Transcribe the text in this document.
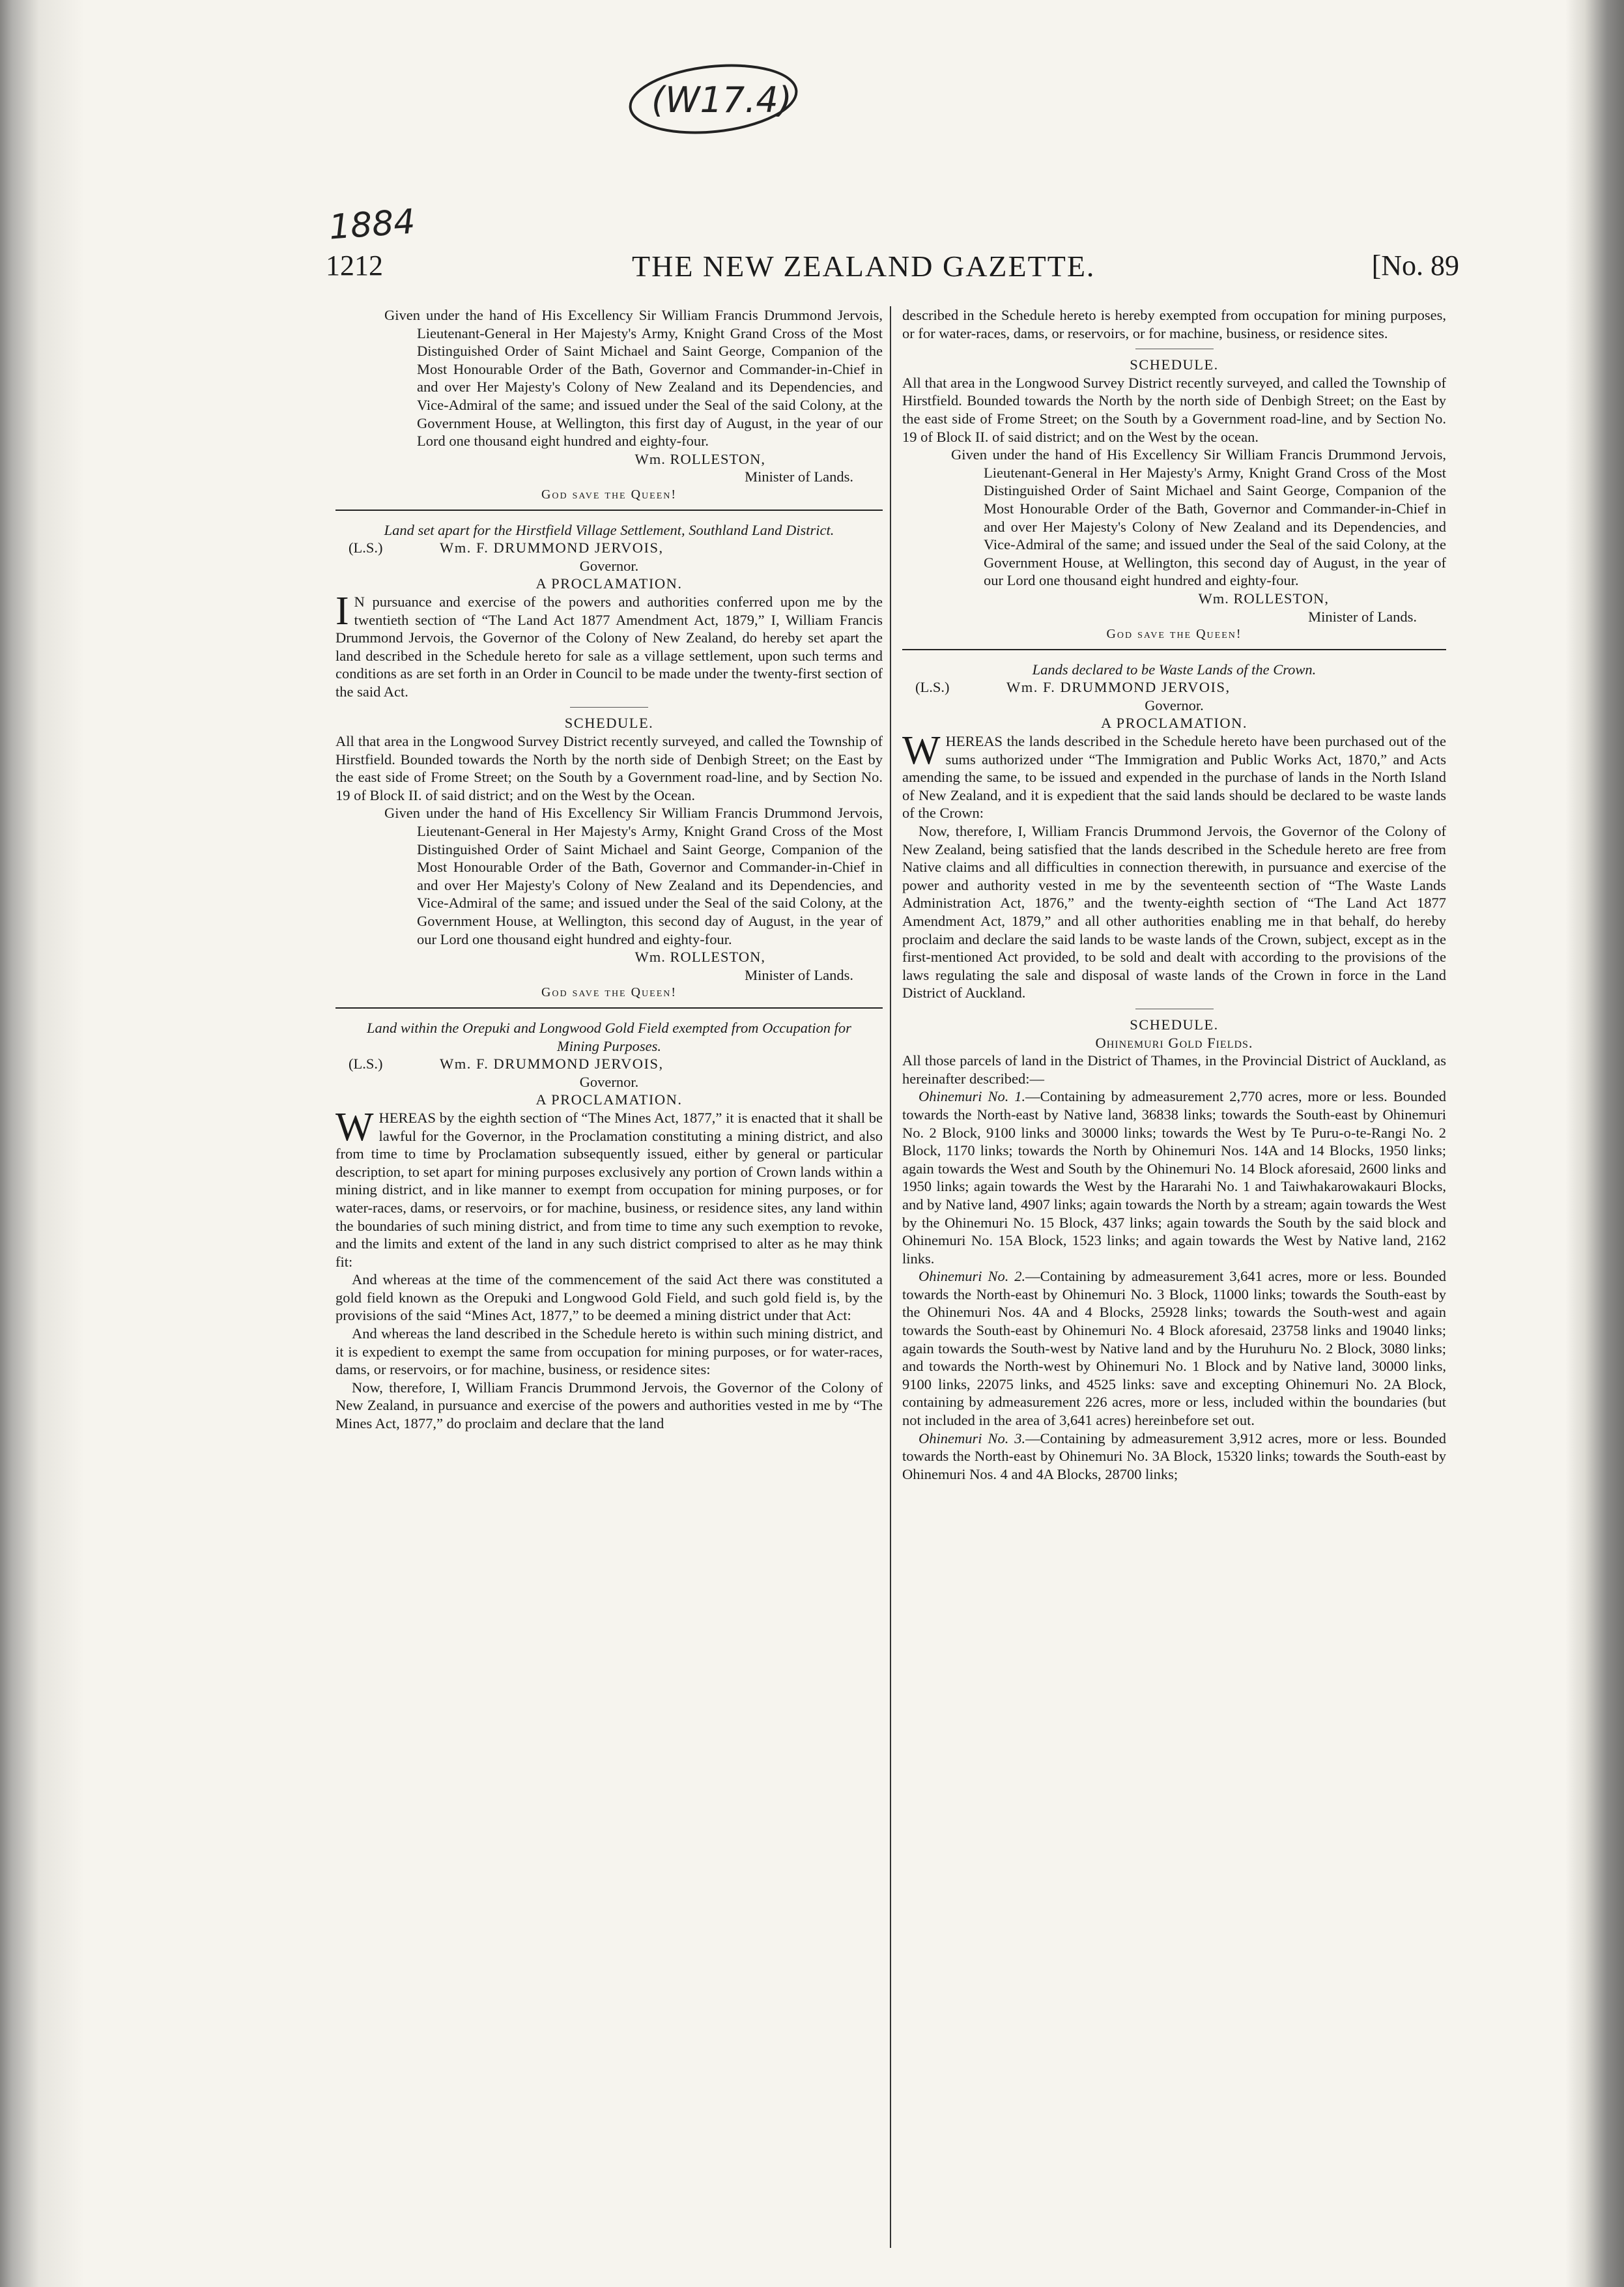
(W17.4)
1884
1212	THE NEW ZEALAND GAZETTE.	[No. 89

Given under the hand of His Excellency Sir William Francis Drummond Jervois, Lieutenant-General in Her Majesty's Army, Knight Grand Cross of the Most Distinguished Order of Saint Michael and Saint George, Companion of the Most Honourable Order of the Bath, Governor and Commander-in-Chief in and over Her Majesty's Colony of New Zealand and its Dependencies, and Vice-Admiral of the same; and issued under the Seal of the said Colony, at the Government House, at Wellington, this first day of August, in the year of our Lord one thousand eight hundred and eighty-four.

Wm. ROLLESTON,

Minister of Lands.

God save the Queen!

Land set apart for the Hirstfield Village Settlement, Southland Land District.

(L.S.)	Wm. F. DRUMMOND JERVOIS,

Governor.

A PROCLAMATION.

I N pursuance and exercise of the powers and authorities conferred upon me by the twentieth section of “The Land Act 1877 Amendment Act, 1879,” I, William Francis Drummond Jervois, the Governor of the Colony of New Zealand, do hereby set apart the land described in the Schedule hereto for sale as a village settlement, upon such terms and conditions as are set forth in an Order in Council to be made under the twenty-first section of the said Act.

SCHEDULE.

All that area in the Longwood Survey District recently surveyed, and called the Township of Hirstfield. Bounded towards the North by the north side of Denbigh Street; on the East by the east side of Frome Street; on the South by a Government road-line, and by Section No. 19 of Block II. of said district; and on the West by the Ocean.

Given under the hand of His Excellency Sir William Francis Drummond Jervois, Lieutenant-General in Her Majesty's Army, Knight Grand Cross of the Most Distinguished Order of Saint Michael and Saint George, Companion of the Most Honourable Order of the Bath, Governor and Commander-in-Chief in and over Her Majesty's Colony of New Zealand and its Dependencies, and Vice-Admiral of the same; and issued under the Seal of the said Colony, at the Government House, at Wellington, this second day of August, in the year of our Lord one thousand eight hundred and eighty-four.

Wm. ROLLESTON,

Minister of Lands.

God save the Queen!

Land within the Orepuki and Longwood Gold Field exempted from Occupation for Mining Purposes.

(L.S.)	Wm. F. DRUMMOND JERVOIS,

Governor.

A PROCLAMATION.

WHEREAS by the eighth section of “The Mines Act, 1877,” it is enacted that it shall be lawful for the Governor, in the Proclamation constituting a mining district, and also from time to time by Proclamation subsequently issued, either by general or particular description, to set apart for mining purposes exclusively any portion of Crown lands within a mining district, and in like manner to exempt from occupation for mining purposes, or for water-races, dams, or reservoirs, or for machine, business, or residence sites, any land within the boundaries of such mining district, and from time to time any such exemption to revoke, and the limits and extent of the land in any such district comprised to alter as he may think fit:

And whereas at the time of the commencement of the said Act there was constituted a gold field known as the Orepuki and Longwood Gold Field, and such gold field is, by the provisions of the said “Mines Act, 1877,” to be deemed a mining district under that Act:

And whereas the land described in the Schedule hereto is within such mining district, and it is expedient to exempt the same from occupation for mining purposes, or for water-races, dams, or reservoirs, or for machine, business, or residence sites:

Now, therefore, I, William Francis Drummond Jervois, the Governor of the Colony of New Zealand, in pursuance and exercise of the powers and authorities vested in me by “The Mines Act, 1877,” do proclaim and declare that the land

described in the Schedule hereto is hereby exempted from occupation for mining purposes, or for water-races, dams, or reservoirs, or for machine, business, or residence sites.

SCHEDULE.

All that area in the Longwood Survey District recently surveyed, and called the Township of Hirstfield. Bounded towards the North by the north side of Denbigh Street; on the East by the east side of Frome Street; on the South by a Government road-line, and by Section No. 19 of Block II. of said district; and on the West by the ocean.

Given under the hand of His Excellency Sir William Francis Drummond Jervois, Lieutenant-General in Her Majesty's Army, Knight Grand Cross of the Most Distinguished Order of Saint Michael and Saint George, Companion of the Most Honourable Order of the Bath, Governor and Commander-in-Chief in and over Her Majesty's Colony of New Zealand and its Dependencies, and Vice-Admiral of the same; and issued under the Seal of the said Colony, at the Government House, at Wellington, this second day of August, in the year of our Lord one thousand eight hundred and eighty-four.

Wm. ROLLESTON,

Minister of Lands.

God save the Queen!

Lands declared to be Waste Lands of the Crown.

(L.S.)	Wm. F. DRUMMOND JERVOIS,

Governor.

A PROCLAMATION.

WHEREAS the lands described in the Schedule hereto have been purchased out of the sums authorized under “The Immigration and Public Works Act, 1870,” and Acts amending the same, to be issued and expended in the purchase of lands in the North Island of New Zealand, and it is expedient that the said lands should be declared to be waste lands of the Crown:

Now, therefore, I, William Francis Drummond Jervois, the Governor of the Colony of New Zealand, being satisfied that the lands described in the Schedule hereto are free from Native claims and all difficulties in connection therewith, in pursuance and exercise of the power and authority vested in me by the seventeenth section of “The Waste Lands Administration Act, 1876,” and the twenty-eighth section of “The Land Act 1877 Amendment Act, 1879,” and all other authorities enabling me in that behalf, do hereby proclaim and declare the said lands to be waste lands of the Crown, subject, except as in the first-mentioned Act provided, to be sold and dealt with according to the provisions of the laws regulating the sale and disposal of waste lands of the Crown in force in the Land District of Auckland.

SCHEDULE.

Ohinemuri Gold Fields.

All those parcels of land in the District of Thames, in the Provincial District of Auckland, as hereinafter described:—

Ohinemuri No. 1.—Containing by admeasurement 2,770 acres, more or less. Bounded towards the North-east by Native land, 36838 links; towards the South-east by Ohinemuri No. 2 Block, 9100 links and 30000 links; towards the West by Te Puru-o-te-Rangi No. 2 Block, 1170 links; towards the North by Ohinemuri Nos. 14A and 14 Blocks, 1950 links; again towards the West and South by the Ohinemuri No. 14 Block aforesaid, 2600 links and 1950 links; again towards the West by the Hararahi No. 1 and Taiwhakarowakauri Blocks, and by Native land, 4907 links; again towards the North by a stream; again towards the West by the Ohinemuri No. 15 Block, 437 links; again towards the South by the said block and Ohinemuri No. 15A Block, 1523 links; and again towards the West by Native land, 2162 links.

Ohinemuri No. 2.—Containing by admeasurement 3,641 acres, more or less. Bounded towards the North-east by Ohinemuri No. 3 Block, 11000 links; towards the South-east by the Ohinemuri Nos. 4A and 4 Blocks, 25928 links; towards the South-west and again towards the South-east by Ohinemuri No. 4 Block aforesaid, 23758 links and 19040 links; again towards the South-west by Native land and by the Huruhuru No. 2 Block, 3080 links; and towards the North-west by Ohinemuri No. 1 Block and by Native land, 30000 links, 9100 links, 22075 links, and 4525 links: save and excepting Ohinemuri No. 2A Block, containing by admeasurement 226 acres, more or less, included within the boundaries (but not included in the area of 3,641 acres) hereinbefore set out.

Ohinemuri No. 3.—Containing by admeasurement 3,912 acres, more or less. Bounded towards the North-east by Ohinemuri No. 3A Block, 15320 links; towards the South-east by Ohinemuri Nos. 4 and 4A Blocks, 28700 links;
